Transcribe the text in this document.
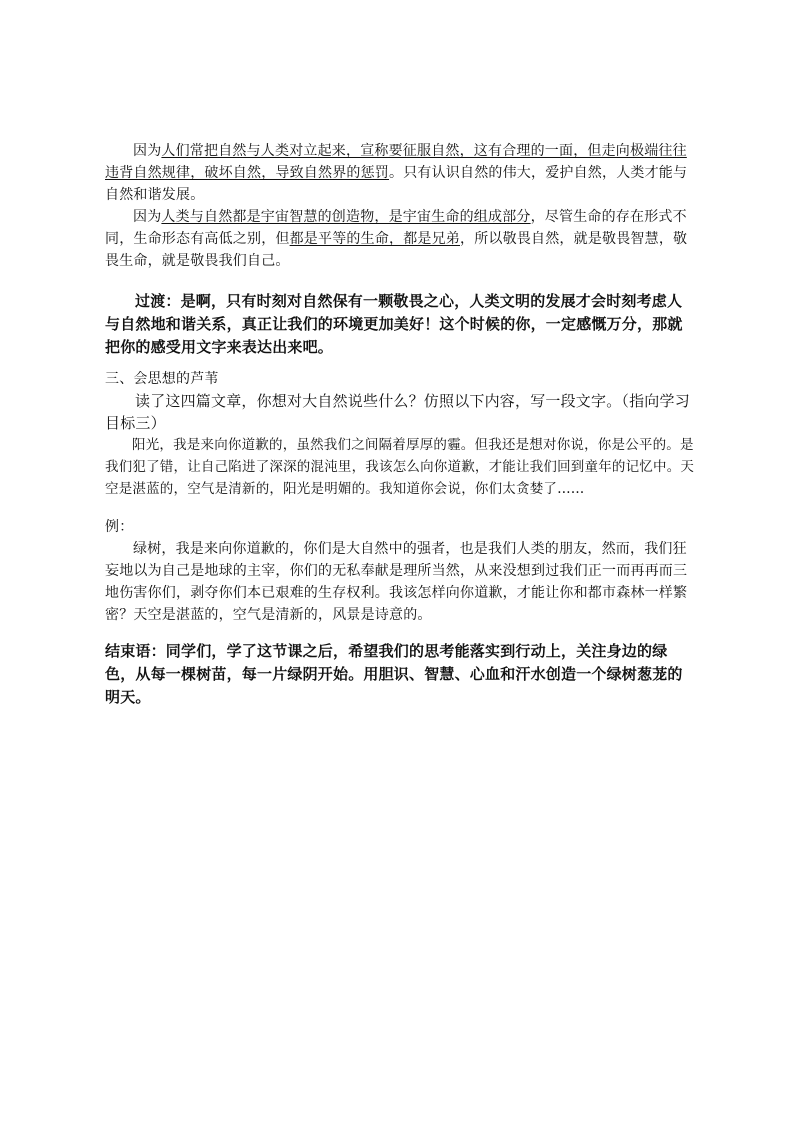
因为人们常把自然与人类对立起来，宣称要征服自然，这有合理的一面，但走向极端往往违背自然规律，破坏自然，导致自然界的惩罚。只有认识自然的伟大，爱护自然，人类才能与自然和谐发展。

因为人类与自然都是宇宙智慧的创造物，是宇宙生命的组成部分，尽管生命的存在形式不同，生命形态有高低之别，但都是平等的生命，都是兄弟，所以敬畏自然，就是敬畏智慧，敬畏生命，就是敬畏我们自己。

过渡：是啊，只有时刻对自然保有一颗敬畏之心，人类文明的发展才会时刻考虑人与自然地和谐关系，真正让我们的环境更加美好！这个时候的你，一定感慨万分，那就把你的感受用文字来表达出来吧。

三、会思想的芦苇

读了这四篇文章，你想对大自然说些什么？仿照以下内容，写一段文字。（指向学习目标三）

阳光，我是来向你道歉的，虽然我们之间隔着厚厚的霾。但我还是想对你说，你是公平的。是我们犯了错，让自己陷进了深深的混沌里，我该怎么向你道歉，才能让我们回到童年的记忆中。天空是湛蓝的，空气是清新的，阳光是明媚的。我知道你会说，你们太贪婪了……

例：

绿树，我是来向你道歉的，你们是大自然中的强者，也是我们人类的朋友，然而，我们狂妄地以为自己是地球的主宰，你们的无私奉献是理所当然，从来没想到过我们正一而再再而三地伤害你们，剥夺你们本已艰难的生存权利。我该怎样向你道歉，才能让你和都市森林一样繁密？天空是湛蓝的，空气是清新的，风景是诗意的。

结束语：同学们，学了这节课之后，希望我们的思考能落实到行动上，关注身边的绿色，从每一棵树苗，每一片绿阴开始。用胆识、智慧、心血和汗水创造一个绿树葱茏的明天。
